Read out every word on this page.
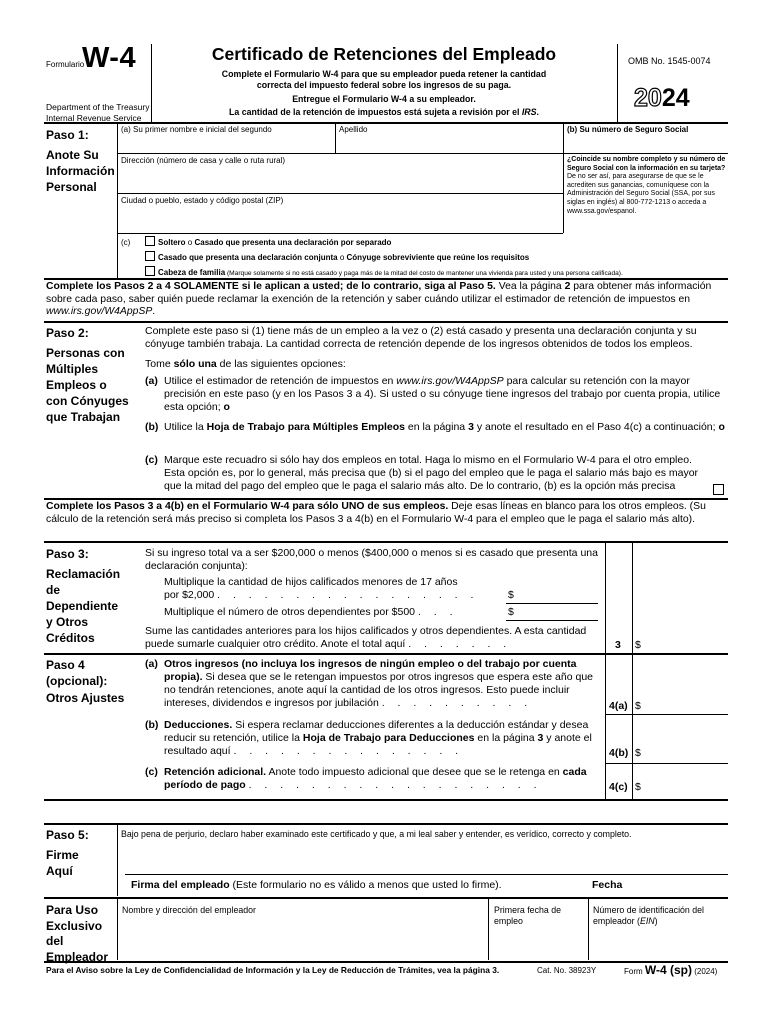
Formulario
W-4
Department of the Treasury
Internal Revenue Service
Certificado de Retenciones del Empleado
Complete el Formulario W-4 para que su empleador pueda retener la cantidad
correcta del impuesto federal sobre los ingresos de su paga.
Entregue el Formulario W-4 a su empleador.
La cantidad de la retención de impuestos está sujeta a revisión por el IRS.
OMB No. 1545-0074
2024
Paso 1:
Anote Su
Información
Personal
(a) Su primer nombre e inicial del segundo	Apellido	(b) Su número de Seguro Social
Dirección (número de casa y calle o ruta rural)
Ciudad o pueblo, estado y código postal (ZIP)
¿Coincide su nombre completo y su número de Seguro Social con la información en su tarjeta? De no ser así, para asegurarse de que se le acrediten sus ganancias, comuníquese con la Administración del Seguro Social (SSA, por sus siglas en inglés) al 800-772-1213 o acceda a www.ssa.gov/espanol.
(c)	Soltero o Casado que presenta una declaración por separado
Casado que presenta una declaración conjunta o Cónyuge sobreviviente que reúne los requisitos
Cabeza de familia (Marque solamente si no está casado y paga más de la mitad del costo de mantener una vivienda para usted y una persona calificada).
Complete los Pasos 2 a 4 SOLAMENTE si le aplican a usted; de lo contrario, siga al Paso 5. Vea la página 2 para obtener más información sobre cada paso, saber quién puede reclamar la exención de la retención y saber cuándo utilizar el estimador de retención de impuestos en www.irs.gov/W4AppSP.
Paso 2:
Personas con
Múltiples
Empleos o
con Cónyuges
que Trabajan
Complete este paso si (1) tiene más de un empleo a la vez o (2) está casado y presenta una declaración conjunta y su cónyuge también trabaja. La cantidad correcta de retención depende de los ingresos obtenidos de todos los empleos.
Tome sólo una de las siguientes opciones:
(a) Utilice el estimador de retención de impuestos en www.irs.gov/W4AppSP para calcular su retención con la mayor precisión en este paso (y en los Pasos 3 a 4). Si usted o su cónyuge tiene ingresos del trabajo por cuenta propia, utilice esta opción; o
(b) Utilice la Hoja de Trabajo para Múltiples Empleos en la página 3 y anote el resultado en el Paso 4(c) a continuación; o
(c) Marque este recuadro si sólo hay dos empleos en total. Haga lo mismo en el Formulario W-4 para el otro empleo. Esta opción es, por lo general, más precisa que (b) si el pago del empleo que le paga el salario más bajo es mayor que la mitad del pago del empleo que le paga el salario más alto. De lo contrario, (b) es la opción más precisa
Complete los Pasos 3 a 4(b) en el Formulario W-4 para sólo UNO de sus empleos. Deje esas líneas en blanco para los otros empleos. (Su cálculo de la retención será más preciso si completa los Pasos 3 a 4(b) en el Formulario W-4 para el empleo que le paga el salario más alto).
Paso 3:
Reclamación
de
Dependiente
y Otros
Créditos
Si su ingreso total va a ser $200,000 o menos ($400,000 o menos si es casado que presenta una declaración conjunta):
Multiplique la cantidad de hijos calificados menores de 17 años
por $2,000 . . . . . . . . . . . . . . . . .	$
Multiplique el número de otros dependientes por $500 . . .	$
Sume las cantidades anteriores para los hijos calificados y otros dependientes. A esta cantidad puede sumarle cualquier otro crédito. Anote el total aquí . . . . . . .	3 $
Paso 4
(opcional):
Otros Ajustes
(a) Otros ingresos (no incluya los ingresos de ningún empleo o del trabajo por cuenta propia). Si desea que se le retengan impuestos por otros ingresos que espera este año que no tendrán retenciones, anote aquí la cantidad de los otros ingresos. Esto puede incluir intereses, dividendos e ingresos por jubilación . . . . . . . . . .	4(a) $
(b) Deducciones. Si espera reclamar deducciones diferentes a la deducción estándar y desea reducir su retención, utilice la Hoja de Trabajo para Deducciones en la página 3 y anote el resultado aquí . . . . . . . . . . . . . . .	4(b) $
(c) Retención adicional. Anote todo impuesto adicional que desee que se le retenga en cada período de pago . . . . . . . . . . . . . . . . . . .	4(c) $
Paso 5:
Firme
Aquí
Bajo pena de perjurio, declaro haber examinado este certificado y que, a mi leal saber y entender, es verídico, correcto y completo.
Firma del empleado (Este formulario no es válido a menos que usted lo firme).	Fecha
Para Uso
Exclusivo
del
Empleador
Nombre y dirección del empleador	Primera fecha de empleo
Número de identificación del empleador (EIN)
Para el Aviso sobre la Ley de Confidencialidad de Información y la Ley de Reducción de Trámites, vea la página 3.	Cat. No. 38923Y	Form W-4 (sp) (2024)
